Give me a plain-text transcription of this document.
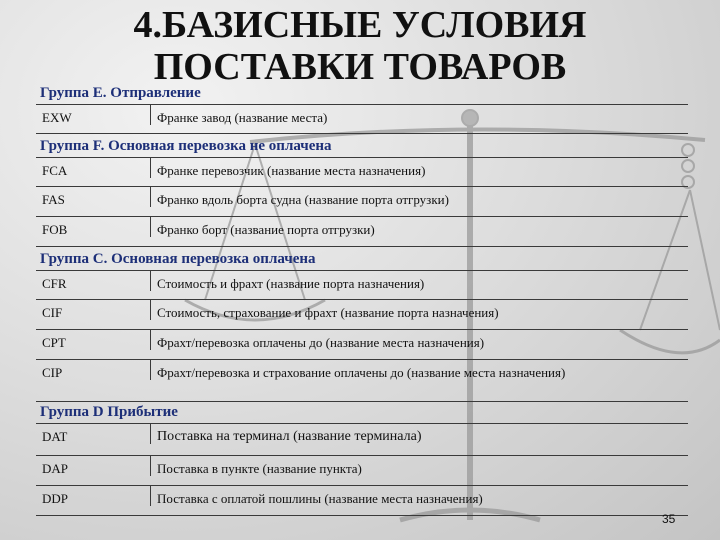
4.БАЗИСНЫЕ УСЛОВИЯ
ПОСТАВКИ ТОВАРОВ
Группа Е. Отправление
EXW	Франке завод (название места)
Группа F. Основная перевозка не оплачена
FCA	Франке перевозчик (название места назначения)
FAS	Франко вдоль борта судна (название порта отгрузки)
FOB	Франко борт (название порта отгрузки)
Группа С. Основная перевозка оплачена
CFR	Стоимость и фрахт (название порта назначения)
CIF	Стоимость, страхование и фрахт (название порта назначения)
CPT	Фрахт/перевозка оплачены до (название места назначения)
CIP	Фрахт/перевозка и страхование оплачены до (название места назначения)
Группа D Прибытие
DAT	Поставка на терминал (название терминала)
DAP	Поставка в пункте (название пункта)
DDP	Поставка с оплатой пошлины (название места назначения)
35
